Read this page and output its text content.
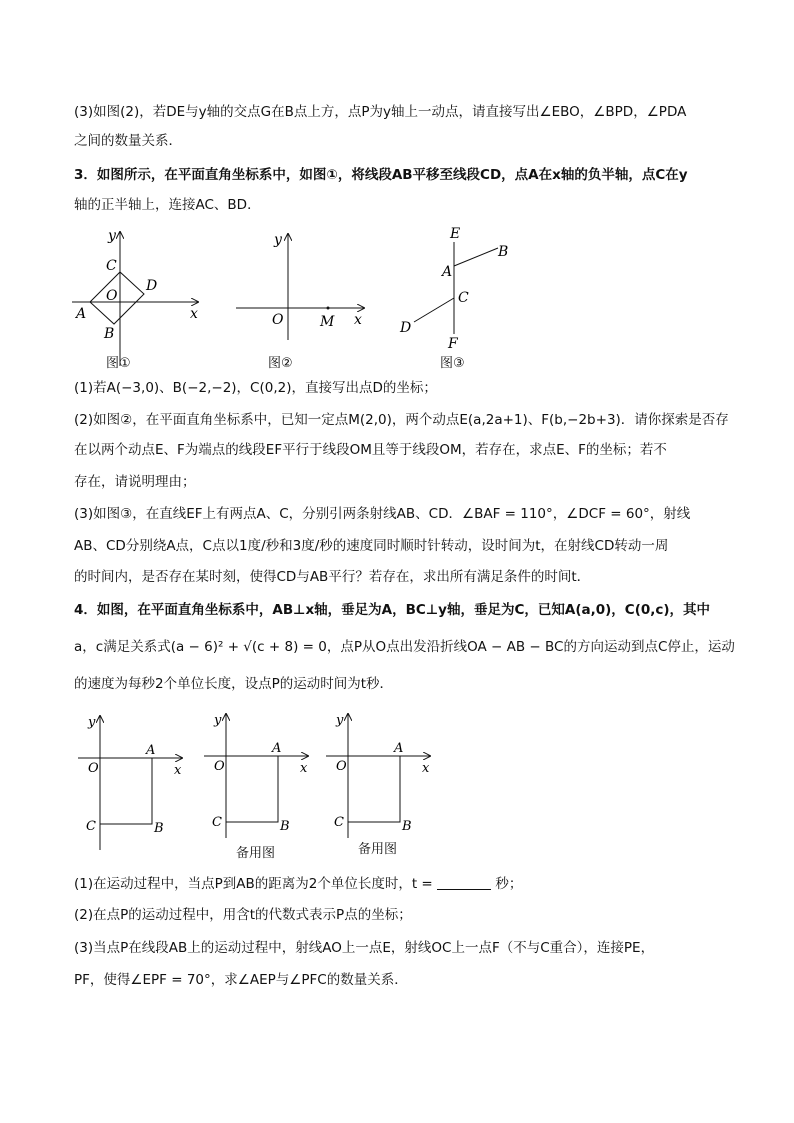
(3)如图(2)，若DE与y轴的交点G在B点上方，点P为y轴上一动点，请直接写出∠EBO，∠BPD，∠PDA
之间的数量关系．
3．如图所示，在平面直角坐标系中，如图①，将线段AB平移至线段CD，点A在x轴的负半轴，点C在y
轴的正半轴上，连接AC、BD．
y
x
O
A
B
C
D
图①
y
x
O	M
图②
E
B
A
C
D
F
图③
(1)若A(−3,0)、B(−2,−2)，C(0,2)，直接写出点D的坐标；
(2)如图②，在平面直角坐标系中，已知一定点M(2,0)，两个动点E(a,2a+1)、F(b,−2b+3)．请你探索是否存
在以两个动点E、F为端点的线段EF平行于线段OM且等于线段OM，若存在，求点E、F的坐标；若不
存在，请说明理由；
(3)如图③，在直线EF上有两点A、C，分别引两条射线AB、CD．∠BAF = 110°，∠DCF = 60°，射线
AB、CD分别绕A点，C点以1度/秒和3度/秒的速度同时顺时针转动，设时间为t，在射线CD转动一周
的时间内，是否存在某时刻，使得CD与AB平行？若存在，求出所有满足条件的时间t．
4．如图，在平面直角坐标系中，AB⊥x轴，垂足为A，BC⊥y轴，垂足为C，已知A(a,0)，C(0,c)，其中
a，c满足关系式(a − 6)² + √(c + 8) = 0，点P从O点出发沿折线OA − AB − BC的方向运动到点C停止，运动
的速度为每秒2个单位长度，设点P的运动时间为t秒．
y
x
O
A
B
C
y
x
O
A
B
C
备用图
y
x
O
A
B
C
备用图
(1)在运动过程中，当点P到AB的距离为2个单位长度时，t =	秒；
(2)在点P的运动过程中，用含t的代数式表示P点的坐标；
(3)当点P在线段AB上的运动过程中，射线AO上一点E，射线OC上一点F（不与C重合），连接PE，
PF，使得∠EPF = 70°，求∠AEP与∠PFC的数量关系．
